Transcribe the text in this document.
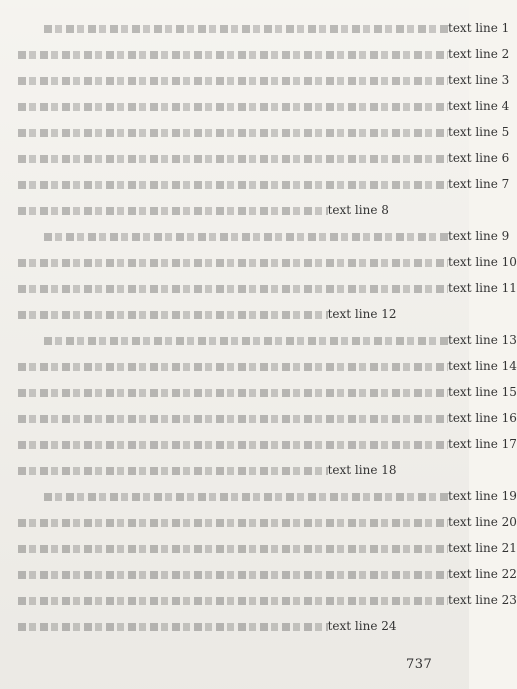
text line 1
text line 2
text line 3
text line 4
text line 5
text line 6
text line 7
text line 8
text line 9
text line 10
text line 11
text line 12
text line 13
text line 14
text line 15
text line 16
text line 17
text line 18
text line 19
text line 20
text line 21
text line 22
text line 23
text line 24
737
